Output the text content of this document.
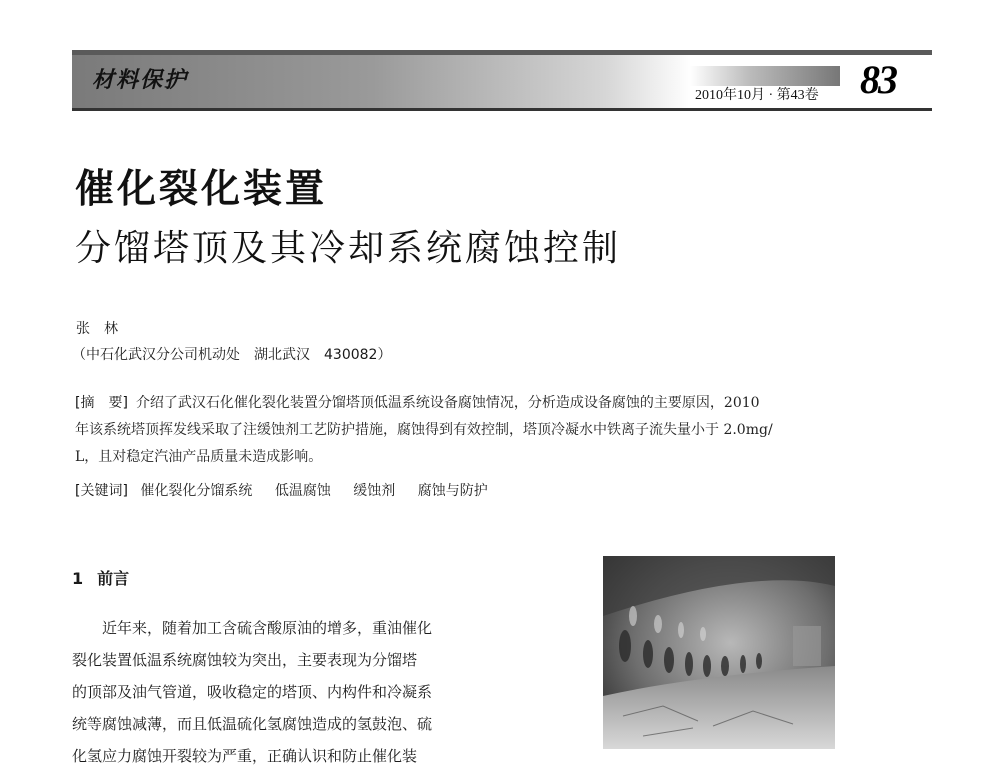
材料保护
2010年10月 · 第43卷 83
催化裂化装置
分馏塔顶及其冷却系统腐蚀控制
张　林
（中石化武汉分公司机动处　湖北武汉　430082）
[摘　要] 介绍了武汉石化催化裂化装置分馏塔顶低温系统设备腐蚀情况，分析造成设备腐蚀的主要原因，2010
年该系统塔顶挥发线采取了注缓蚀剂工艺防护措施，腐蚀得到有效控制，塔顶冷凝水中铁离子流失量小于 2.0mg/
L，且对稳定汽油产品质量未造成影响。
[关键词] 催化裂化分馏系统 低温腐蚀 缓蚀剂 腐蚀与防护
1 前言
　　近年来，随着加工含硫含酸原油的增多，重油催化
裂化装置低温系统腐蚀较为突出，主要表现为分馏塔
的顶部及油气管道，吸收稳定的塔顶、内构件和冷凝系
统等腐蚀减薄，而且低温硫化氢腐蚀造成的氢鼓泡、硫
化氢应力腐蚀开裂较为严重，正确认识和防止催化装
